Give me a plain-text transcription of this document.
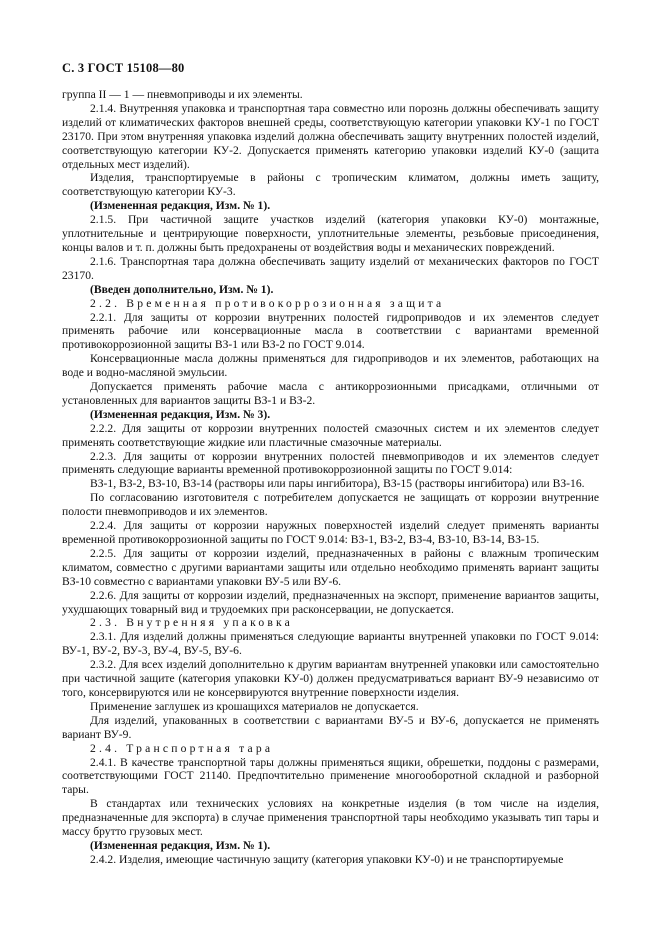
С. 3 ГОСТ 15108—80

группа II — 1 — пневмоприводы и их элементы.

2.1.4. Внутренняя упаковка и транспортная тара совместно или порознь должны обеспечивать защиту изделий от климатических факторов внешней среды, соответствующую категории упаковки КУ-1 по ГОСТ 23170. При этом внутренняя упаковка изделий должна обеспечивать защиту внутренних полостей изделий, соответствующую категории КУ-2. Допускается применять категорию упаковки изделий КУ-0 (защита отдельных мест изделий).

Изделия, транспортируемые в районы с тропическим климатом, должны иметь защиту, соответствующую категории КУ-3.

(Измененная редакция, Изм. № 1).

2.1.5. При частичной защите участков изделий (категория упаковки КУ-0) монтажные, уплотнительные и центрирующие поверхности, уплотнительные элементы, резьбовые присоединения, концы валов и т. п. должны быть предохранены от воздействия воды и механических повреждений.

2.1.6. Транспортная тара должна обеспечивать защиту изделий от механических факторов по ГОСТ 23170.

(Введен дополнительно, Изм. № 1).

2.2. Временная противокоррозионная защита

2.2.1. Для защиты от коррозии внутренних полостей гидроприводов и их элементов следует применять рабочие или консервационные масла в соответствии с вариантами временной противокоррозионной защиты ВЗ-1 или ВЗ-2 по ГОСТ 9.014.

Консервационные масла должны применяться для гидроприводов и их элементов, работающих на воде и водно-масляной эмульсии.

Допускается применять рабочие масла с антикоррозионными присадками, отличными от установленных для вариантов защиты ВЗ-1 и ВЗ-2.

(Измененная редакция, Изм. № 3).

2.2.2. Для защиты от коррозии внутренних полостей смазочных систем и их элементов следует применять соответствующие жидкие или пластичные смазочные материалы.

2.2.3. Для защиты от коррозии внутренних полостей пневмоприводов и их элементов следует применять следующие варианты временной противокоррозионной защиты по ГОСТ 9.014:

ВЗ-1, ВЗ-2, ВЗ-10, ВЗ-14 (растворы или пары ингибитора), ВЗ-15 (растворы ингибитора) или ВЗ-16.

По согласованию изготовителя с потребителем допускается не защищать от коррозии внутренние полости пневмоприводов и их элементов.

2.2.4. Для защиты от коррозии наружных поверхностей изделий следует применять варианты временной противокоррозионной защиты по ГОСТ 9.014: ВЗ-1, ВЗ-2, ВЗ-4, ВЗ-10, ВЗ-14, ВЗ-15.

2.2.5. Для защиты от коррозии изделий, предназначенных в районы с влажным тропическим климатом, совместно с другими вариантами защиты или отдельно необходимо применять вариант защиты ВЗ-10 совместно с вариантами упаковки ВУ-5 или ВУ-6.

2.2.6. Для защиты от коррозии изделий, предназначенных на экспорт, применение вариантов защиты, ухудшающих товарный вид и трудоемких при расконсервации, не допускается.

2.3. Внутренняя упаковка

2.3.1. Для изделий должны применяться следующие варианты внутренней упаковки по ГОСТ 9.014: ВУ-1, ВУ-2, ВУ-3, ВУ-4, ВУ-5, ВУ-6.

2.3.2. Для всех изделий дополнительно к другим вариантам внутренней упаковки или самостоятельно при частичной защите (категория упаковки КУ-0) должен предусматриваться вариант ВУ-9 независимо от того, консервируются или не консервируются внутренние поверхности изделия.

Применение заглушек из крошащихся материалов не допускается.

Для изделий, упакованных в соответствии с вариантами ВУ-5 и ВУ-6, допускается не применять вариант ВУ-9.

2.4. Транспортная тара

2.4.1. В качестве транспортной тары должны применяться ящики, обрешетки, поддоны с размерами, соответствующими ГОСТ 21140. Предпочтительно применение многооборотной складной и разборной тары.

В стандартах или технических условиях на конкретные изделия (в том числе на изделия, предназначенные для экспорта) в случае применения транспортной тары необходимо указывать тип тары и массу брутто грузовых мест.

(Измененная редакция, Изм. № 1).

2.4.2. Изделия, имеющие частичную защиту (категория упаковки КУ-0) и не транспортируемые
